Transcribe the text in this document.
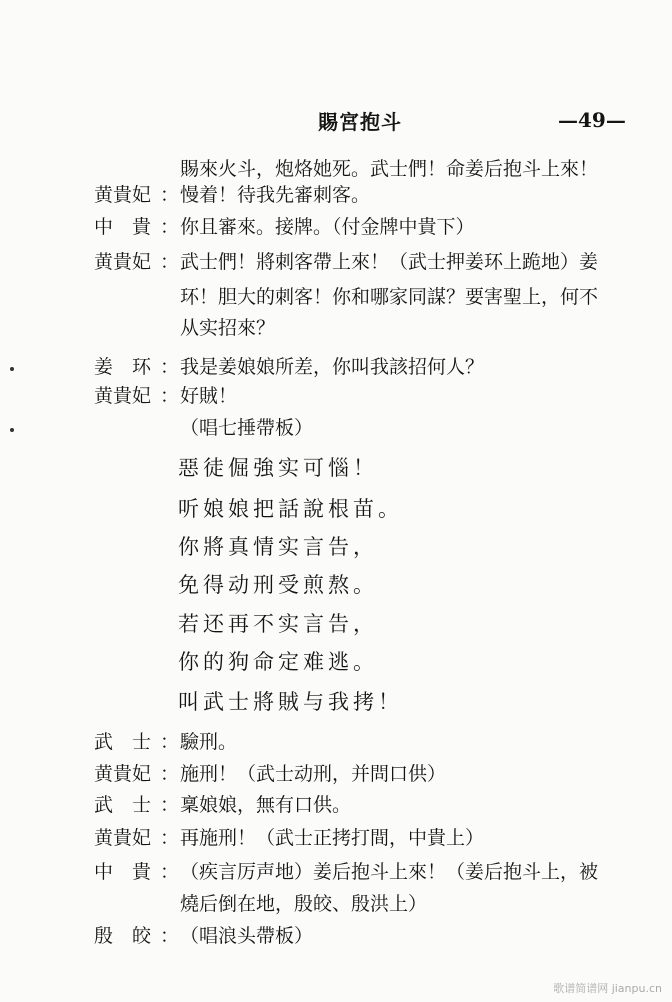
賜宮抱斗	—49—
賜來火斗，炮烙她死。武士們！命姜后抱斗上來！
黄貴妃 ： 慢着！待我先審刺客。
中　貴 ： 你且審來。接牌。（付金牌中貴下）
黄貴妃 ： 武士們！將刺客帶上來！（武士押姜环上跪地）姜
环！胆大的刺客！你和哪家同謀？要害聖上，何不
从实招來？
姜　环 ： 我是姜娘娘所差，你叫我該招何人？
黄貴妃 ： 好賊！
（唱七捶帶板）
惡徒倔強实可惱！
听娘娘把話說根苗。
你將真情实言告，
免得动刑受煎熬。
若还再不实言告，
你的狗命定难逃。
叫武士將賊与我拷！
武　士 ： 驗刑。
黄貴妃 ： 施刑！（武士动刑，并問口供）
武　士 ： 稟娘娘，無有口供。
黄貴妃 ： 再施刑！（武士正拷打間，中貴上）
中　貴 ： （疾言厉声地）姜后抱斗上來！（姜后抱斗上，被
燒后倒在地，殷皎、殷洪上）
殷　皎 ： （唱浪头帶板）
歌谱简谱网 jianpu.cn
